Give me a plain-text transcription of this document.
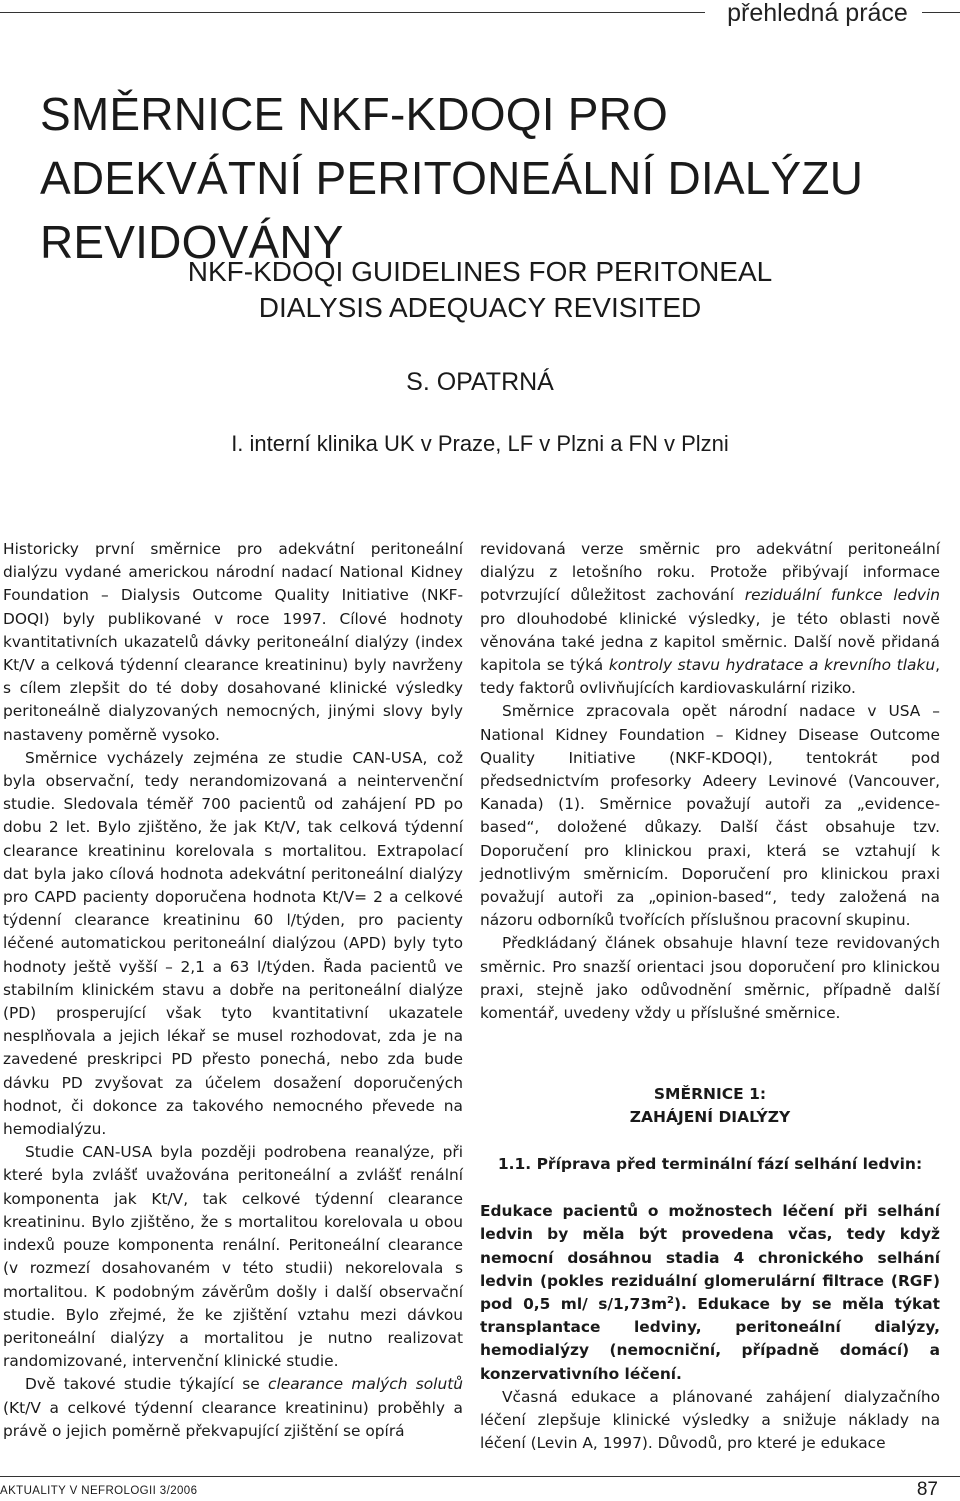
přehledná práce
SMĚRNICE NKF-KDOQI PRO ADEKVÁTNÍ PERITONEÁLNÍ DIALÝZU REVIDOVÁNY
NKF-KDOQI GUIDELINES FOR PERITONEAL
DIALYSIS ADEQUACY REVISITED
S. OPATRNÁ
I. interní klinika UK v Praze, LF v Plzni a FN v Plzni

Historicky první směrnice pro adekvátní peritoneální dialýzu vydané americkou národní nadací National Kidney Foundation – Dialysis Outcome Quality Initiative (NKF-DOQI) byly publikované v roce 1997. Cílové hodnoty kvantitativních ukazatelů dávky peritoneální dialýzy (index Kt/V a celková týdenní clearance kreatininu) byly navrženy s cílem zlepšit do té doby dosahované klinické výsledky peritoneálně dialyzovaných nemocných, jinými slovy byly nastaveny poměrně vysoko.

Směrnice vycházely zejména ze studie CAN-USA, což byla observační, tedy nerandomizovaná a neintervenční studie. Sledovala téměř 700 pacientů od zahájení PD po dobu 2 let. Bylo zjištěno, že jak Kt/V, tak celková týdenní clearance kreatininu korelovala s mortalitou. Extrapolací dat byla jako cílová hodnota adekvátní peritoneální dialýzy pro CAPD pacienty doporučena hodnota Kt/V= 2 a celkové týdenní clearance kreatininu 60 l/týden, pro pacienty léčené automatickou peritoneální dialýzou (APD) byly tyto hodnoty ještě vyšší – 2,1 a 63 l/týden. Řada pacientů ve stabilním klinickém stavu a dobře na peritoneální dialýze (PD) prosperující však tyto kvantitativní ukazatele nesplňovala a jejich lékař se musel rozhodovat, zda je na zavedené preskripci PD přesto ponechá, nebo zda bude dávku PD zvyšovat za účelem dosažení doporučených hodnot, či dokonce za takového nemocného převede na hemodialýzu.

Studie CAN-USA byla později podrobena reanalýze, při které byla zvlášť uvažována peritoneální a zvlášť renální komponenta jak Kt/V, tak celkové týdenní clearance kreatininu. Bylo zjištěno, že s mortalitou korelovala u obou indexů pouze komponenta renální. Peritoneální clearance (v rozmezí dosahovaném v této studii) nekorelovala s mortalitou. K podobným závěrům došly i další observační studie. Bylo zřejmé, že ke zjištění vztahu mezi dávkou peritoneální dialýzy a mortalitou je nutno realizovat randomizované, intervenční klinické studie.

Dvě takové studie týkající se clearance malých solutů (Kt/V a celkové týdenní clearance kreatininu) proběhly a právě o jejich poměrně překvapující zjištění se opírá

revidovaná verze směrnic pro adekvátní peritoneální dialýzu z letošního roku. Protože přibývají informace potvrzující důležitost zachování reziduální funkce ledvin pro dlouhodobé klinické výsledky, je této oblasti nově věnována také jedna z kapitol směrnic. Další nově přidaná kapitola se týká kontroly stavu hydratace a krevního tlaku, tedy faktorů ovlivňujících kardiovaskulární riziko.

Směrnice zpracovala opět národní nadace v USA – National Kidney Foundation – Kidney Disease Outcome Quality Initiative (NKF-KDOQI), tentokrát pod předsednictvím profesorky Adeery Levinové (Vancouver, Kanada) (1). Směrnice považují autoři za „evidence-based“, doložené důkazy. Další část obsahuje tzv. Doporučení pro klinickou praxi, která se vztahují k jednotlivým směrnicím. Doporučení pro klinickou praxi považují autoři za „opinion-based“, tedy založená na názoru odborníků tvořících příslušnou pracovní skupinu.

Předkládaný článek obsahuje hlavní teze revidovaných směrnic. Pro snazší orientaci jsou doporučení pro klinickou praxi, stejně jako odůvodnění směrnic, případně další komentář, uvedeny vždy u příslušné směrnice.

SMĚRNICE 1:
ZAHÁJENÍ DIALÝZY
1.1. Příprava před terminální fází selhání ledvin:

Edukace pacientů o možnostech léčení při selhání ledvin by měla být provedena včas, tedy když nemocní dosáhnou stadia 4 chronického selhání ledvin (pokles reziduální glomerulární filtrace (RGF) pod 0,5 ml/ $s/1,73m^2$). Edukace by se měla týkat transplantace ledviny, peritoneální dialýzy, hemodialýzy (nemocniční, případně domácí) a konzervativního léčení.

Včasná edukace a plánované zahájení dialyzačního léčení zlepšuje klinické výsledky a snižuje náklady na léčení (Levin A, 1997). Důvodů, pro které je edukace

AKTUALITY V NEFROLOGII 3/2006	87
